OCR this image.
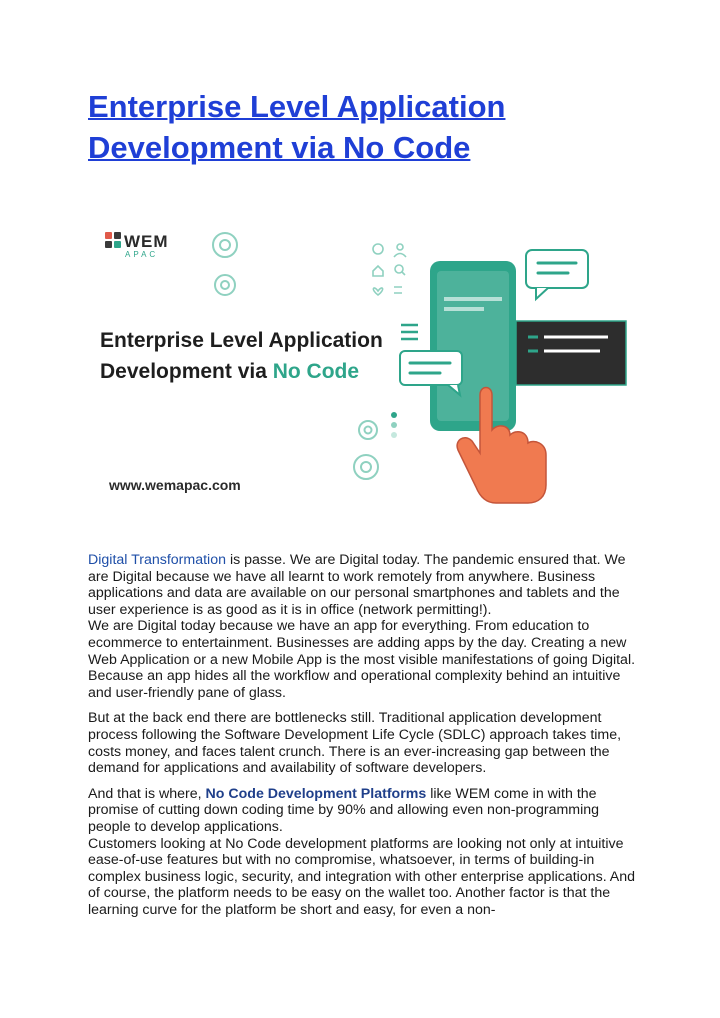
Enterprise Level Application
Development via No Code
WEM
APAC
Enterprise Level Application
Development via No Code
www.wemapac.com

Digital Transformation is passe. We are Digital today. The pandemic ensured that. We are Digital because we have all learnt to work remotely from anywhere. Business applications and data are available on our personal smartphones and tablets and the user experience is as good as it is in office (network permitting!).

We are Digital today because we have an app for everything. From education to ecommerce to entertainment. Businesses are adding apps by the day. Creating a new Web Application or a new Mobile App is the most visible manifestations of going Digital. Because an app hides all the workflow and operational complexity behind an intuitive and user-friendly pane of glass.

But at the back end there are bottlenecks still. Traditional application development process following the Software Development Life Cycle (SDLC) approach takes time, costs money, and faces talent crunch. There is an ever-increasing gap between the demand for applications and availability of software developers.

And that is where, No Code Development Platforms like WEM come in with the promise of cutting down coding time by 90% and allowing even non-programming people to develop applications.

Customers looking at No Code development platforms are looking not only at intuitive ease-of-use features but with no compromise, whatsoever, in terms of building-in complex business logic, security, and integration with other enterprise applications. And of course, the platform needs to be easy on the wallet too. Another factor is that the learning curve for the platform be short and easy, for even a non-
